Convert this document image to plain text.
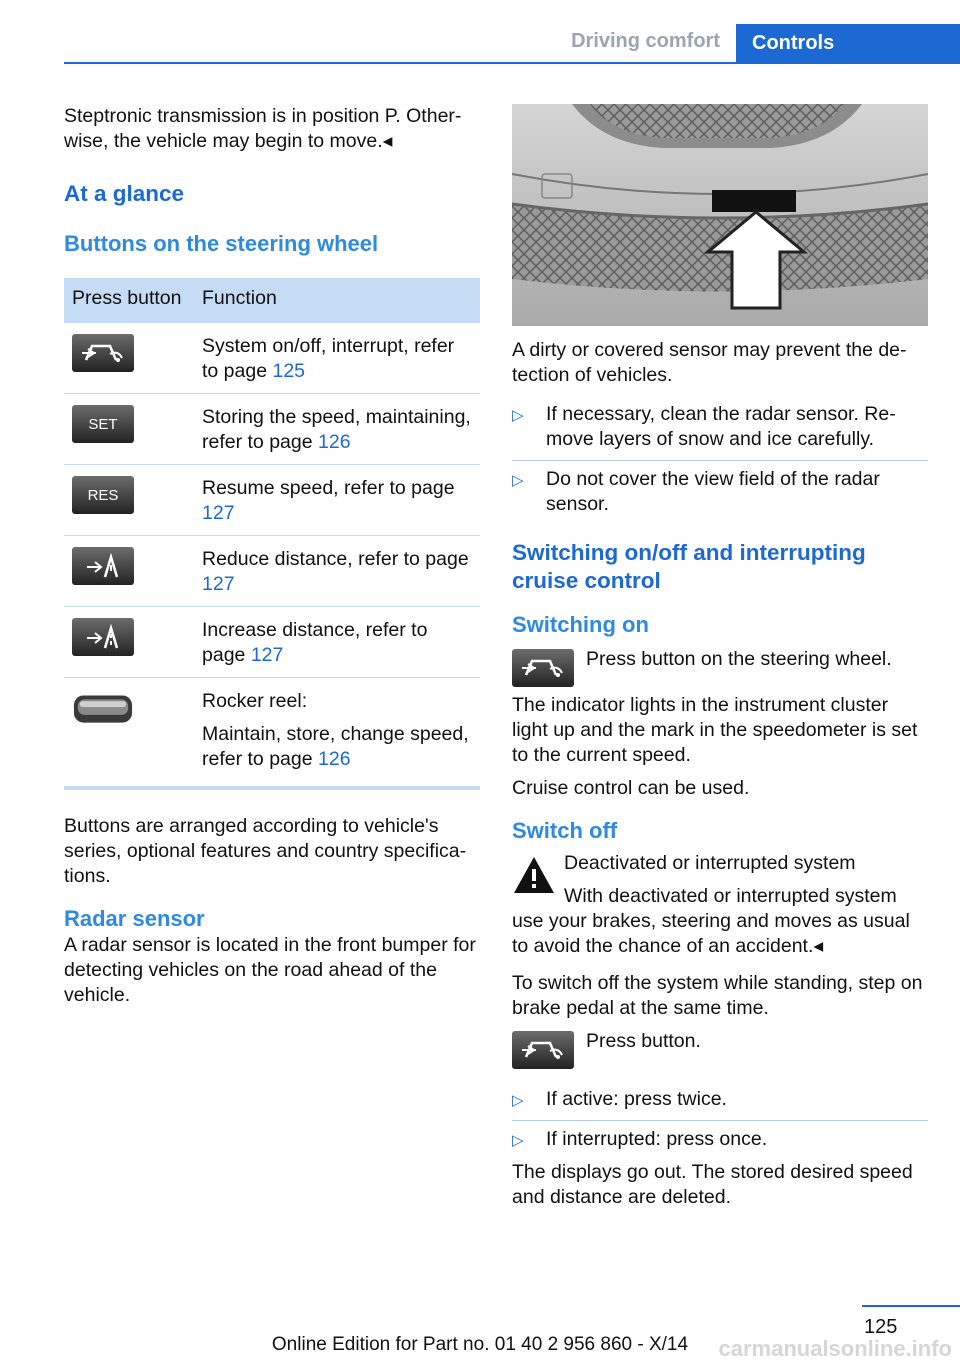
Driving comfort	Controls

Steptronic transmission is in position P. Otherwise, the vehicle may begin to move.◂

At a glance
Buttons on the steering wheel
Press button	Function

	System on/off, interrupt, refer to page 125

SET	Storing the speed, maintaining, refer to page 126

RES	Resume speed, refer to page 127

	Reduce distance, refer to page 127

	Increase distance, refer to page 127

Rocker reel:
Maintain, store, change speed, refer to page 126

Buttons are arranged according to vehicle's series, optional features and country specifications.

Radar sensor

A radar sensor is located in the front bumper for detecting vehicles on the road ahead of the vehicle.

A dirty or covered sensor may prevent the detection of vehicles.

▷ If necessary, clean the radar sensor. Remove layers of snow and ice carefully.
▷ Do not cover the view field of the radar sensor.
Switching on/off and interrupting cruise control
Switching on
Press button on the steering wheel.

The indicator lights in the instrument cluster light up and the mark in the speedometer is set to the current speed.

Cruise control can be used.

Switch off
Deactivated or interrupted system
With deactivated or interrupted system use your brakes, steering and moves as usual to avoid the chance of an accident.◂

To switch off the system while standing, step on brake pedal at the same time.

Press button.
▷ If active: press twice.
▷ If interrupted: press once.

The displays go out. The stored desired speed and distance are deleted.

125
Online Edition for Part no. 01 40 2 956 860 - X/14	carmanualsonline.info
